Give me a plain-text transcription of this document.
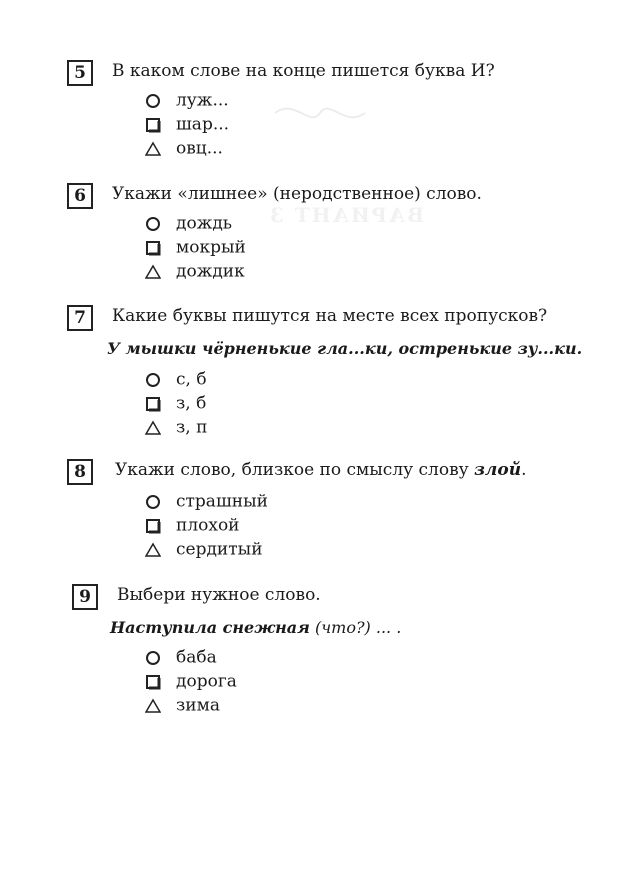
ВАРИАНТ 3
5	В каком слове на конце пишется буква И?
луж...
шар...
овц...
6	Укажи «лишнее» (неродственное) слово.
дождь
мокрый
дождик
7	Какие буквы пишутся на месте всех пропусков?
У мышки чёрненькие гла...ки, остренькие зу...ки.
с, б
з, б
з, п
8	Укажи слово, близкое по смыслу слову злой.
страшный
плохой
сердитый
9	Выбери нужное слово.
Наступила снежная (что?) ... .
баба
дорога
зима
